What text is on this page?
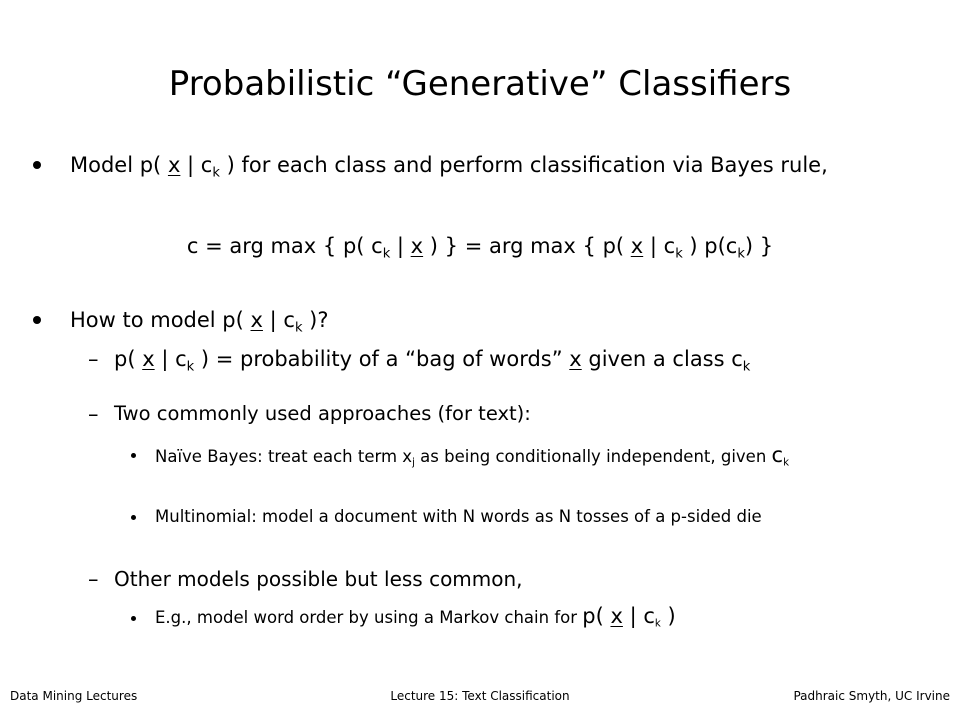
Probabilistic “Generative” Classifiers
Model p( x | $c_k$ ) for each class and perform classification via Bayes rule,
c = arg max { p( $c_k$ | x ) } = arg max { p( x | $c_k$ ) $p(c_k)$ }
How to model p( x | $c_k$ )?
– p( x | $c_k$ ) = probability of a “bag of words” x given a class $c_k$
– Two commonly used approaches (for text):
Naïve Bayes: treat each term $x_j$ as being conditionally independent, given $c_k$
Multinomial: model a document with N words as N tosses of a p-sided die
– Other models possible but less common,
E.g., model word order by using a Markov chain for p( x | $c_k$ )
Data Mining Lectures	Lecture 15: Text Classification	Padhraic Smyth, UC Irvine
